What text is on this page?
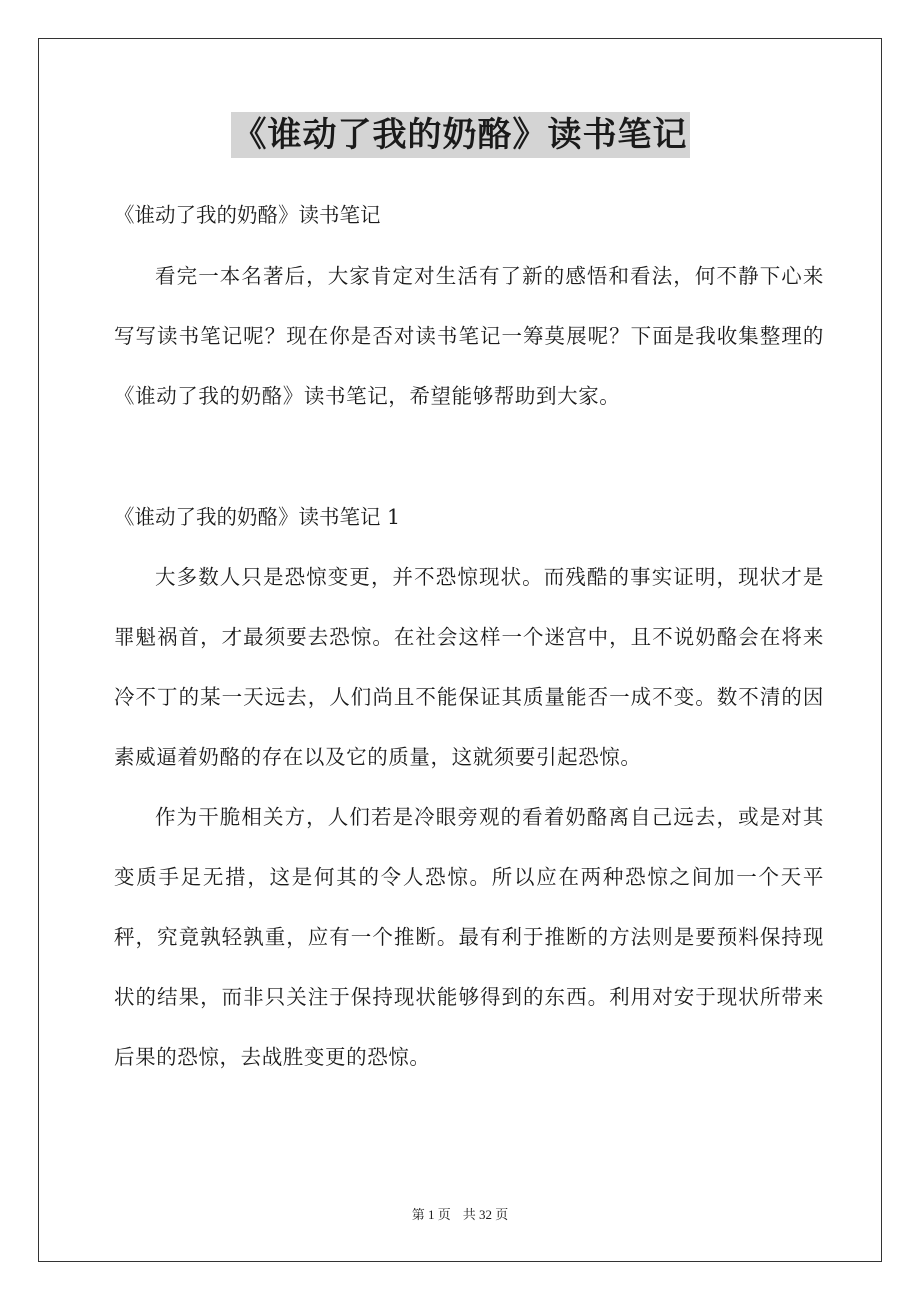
《谁动了我的奶酪》读书笔记

《谁动了我的奶酪》读书笔记

看完一本名著后，大家肯定对生活有了新的感悟和看法，何不静下心来写写读书笔记呢？现在你是否对读书笔记一筹莫展呢？下面是我收集整理的《谁动了我的奶酪》读书笔记，希望能够帮助到大家。

《谁动了我的奶酪》读书笔记 1

大多数人只是恐惊变更，并不恐惊现状。而残酷的事实证明，现状才是罪魁祸首，才最须要去恐惊。在社会这样一个迷宫中，且不说奶酪会在将来冷不丁的某一天远去，人们尚且不能保证其质量能否一成不变。数不清的因素威逼着奶酪的存在以及它的质量，这就须要引起恐惊。

作为干脆相关方，人们若是冷眼旁观的看着奶酪离自己远去，或是对其变质手足无措，这是何其的令人恐惊。所以应在两种恐惊之间加一个天平秤，究竟孰轻孰重，应有一个推断。最有利于推断的方法则是要预料保持现状的结果，而非只关注于保持现状能够得到的东西。利用对安于现状所带来后果的恐惊，去战胜变更的恐惊。

第 1 页 共 32 页
